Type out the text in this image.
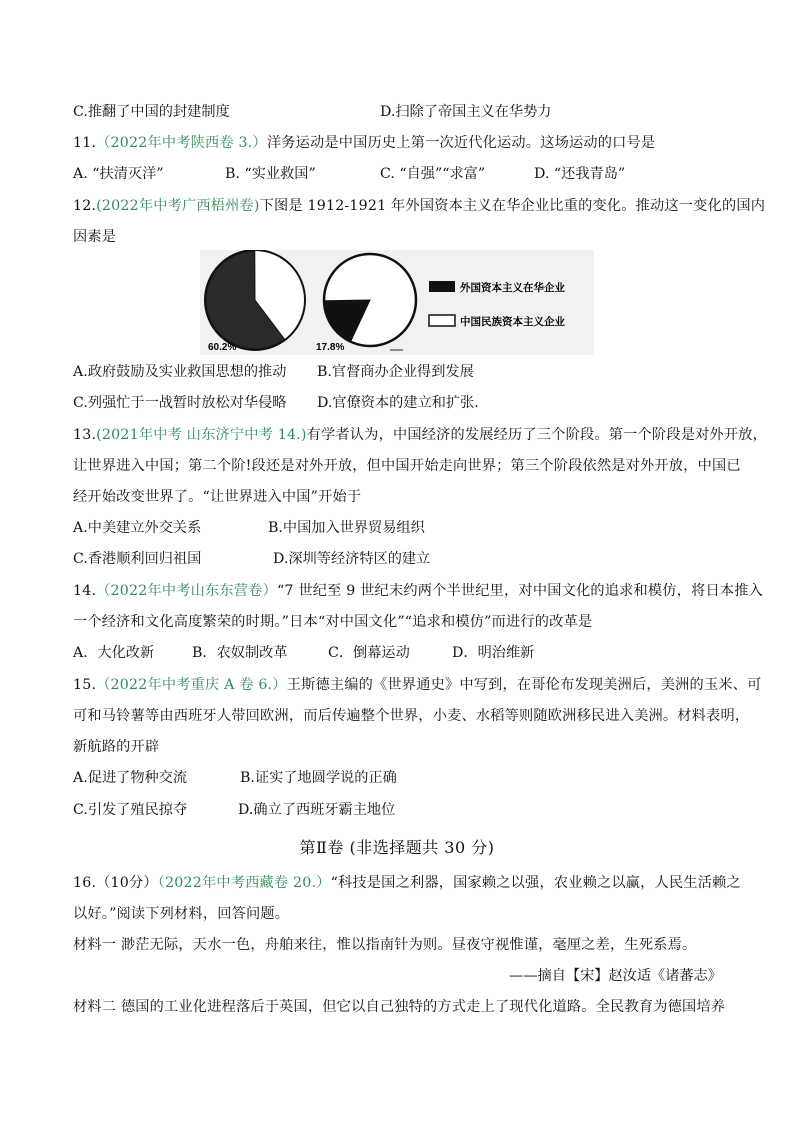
C.推翻了中国的封建制度	D.扫除了帝国主义在华势力
11.（2022年中考陕西卷 3.）洋务运动是中国历史上第一次近代化运动。这场运动的口号是
A. “扶清灭洋”	B. “实业救国”	C. “自强”“求富”	D. “还我青岛”
12.(2022年中考广西梧州卷)下图是 1912-1921 年外国资本主义在华企业比重的变化。推动这一变化的国内
因素是
60.2%	17.8%
外国资本主义在华企业
中国民族资本主义企业
A.政府鼓励及实业救国思想的推动 B.官督商办企业得到发展
C.列强忙于一战暂时放松对华侵略 D.官僚资本的建立和扩张.
13.(2021年中考 山东济宁中考 14.)有学者认为，中国经济的发展经历了三个阶段。第一个阶段是对外开放，
让世界进入中国；第二个阶!段还是对外开放，但中国开始走向世界；第三个阶段依然是对外开放，中国已
经开始改变世界了。“让世界进入中国”开始于
A.中美建立外交关系	B.中国加入世界贸易组织
C.香港顺利回归祖国	D.深圳等经济特区的建立
14.（2022年中考山东东营卷）“7 世纪至 9 世纪末约两个半世纪里，对中国文化的追求和模仿，将日本推入
一个经济和文化高度繁荣的时期。”日本“对中国文化”“追求和模仿”而进行的改革是
A．大化改新	B．农奴制改革	C．倒幕运动	D．明治维新
15.（2022年中考重庆 A 卷 6.）王斯德主编的《世界通史》中写到，在哥伦布发现美洲后，美洲的玉米、可
可和马铃薯等由西班牙人带回欧洲，而后传遍整个世界，小麦、水稻等则随欧洲移民进入美洲。材料表明，
新航路的开辟
A.促进了物种交流	B.证实了地圆学说的正确
C.引发了殖民掠夺	D.确立了西班牙霸主地位
第Ⅱ卷 (非选择题共 30 分)
16.（10分）（2022年中考西藏卷 20.）“科技是国之利器，国家赖之以强，农业赖之以赢，人民生活赖之
以好。”阅读下列材料，回答问题。
材料一 渺茫无际，天水一色，舟舶来往，惟以指南针为则。昼夜守视惟谨，毫厘之差，生死系焉。
——摘自【宋】赵汝适《诸蕃志》
材料二 德国的工业化进程落后于英国，但它以自己独特的方式走上了现代化道路。全民教育为德国培养
